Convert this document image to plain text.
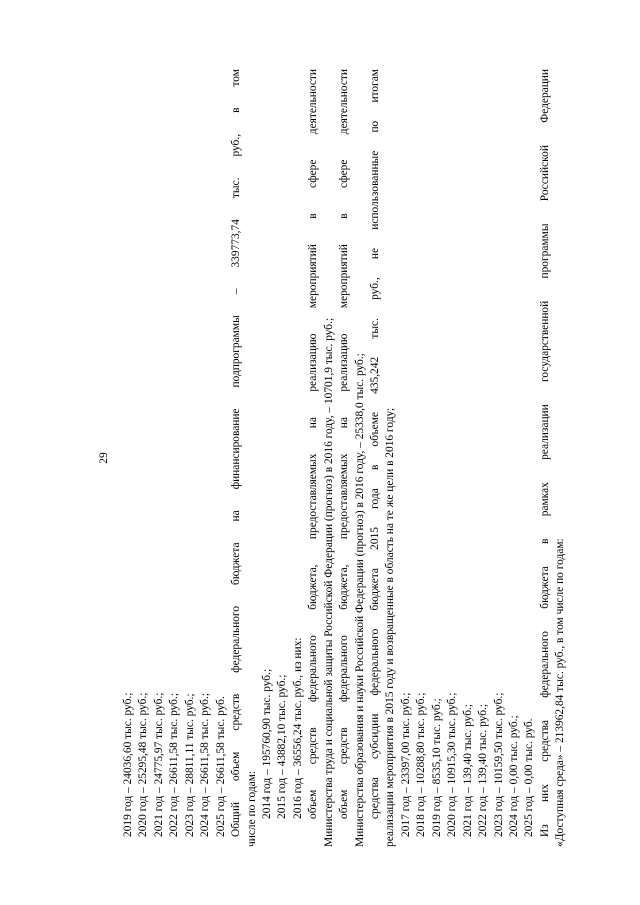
29
2019 год – 24036,60 тыс. руб.; 2020 год – 25295,48 тыс. руб.; 2021 год – 24775,97 тыс. руб.; 2022 год – 26611,58 тыс. руб.; 2023 год – 28811,11 тыс. руб.; 2024 год – 26611,58 тыс. руб.; 2025 год – 26611,58 тыс. руб. Общий объем средств федерального бюджета на финансирование подпрограммы – 339773,74 тыс. руб., в том числе по годам: 2014 год – 195760,90 тыс. руб.; 2015 год – 43882,10 тыс. руб.; 2016 год – 36556,24 тыс. руб., из них: объем средств федерального бюджета, предоставляемых на реализацию мероприятий в сфере деятельности Министерства труда и социальной защиты Российской Федерации (прогноз) в 2016 году, – 10701,9 тыс. руб.; объем средств федерального бюджета, предоставляемых на реализацию мероприятий в сфере деятельности Министерства образования и науки Российской Федерации (прогноз) в 2016 году, – 25338,0 тыс. руб.; средства субсидии федерального бюджета 2015 года в объеме 435,242 тыс. руб., не использованные по итогам реализации мероприятия в 2015 году и возвращенные в область на те же цели в 2016 году; 2017 год – 23397,00 тыс. руб.; 2018 год – 10288,80 тыс. руб.; 2019 год – 8535,10 тыс. руб.; 2020 год – 10915,30 тыс. руб.; 2021 год – 139,40 тыс. руб.; 2022 год – 139,40 тыс. руб.; 2023 год – 10159,50 тыс. руб.; 2024 год – 0,00 тыс. руб.; 2025 год – 0,00 тыс. руб. Из них средства федерального бюджета в рамках реализации государственной программы Российской Федерации «Доступная среда» – 213962,84 тыс. руб., в том числе по годам:
